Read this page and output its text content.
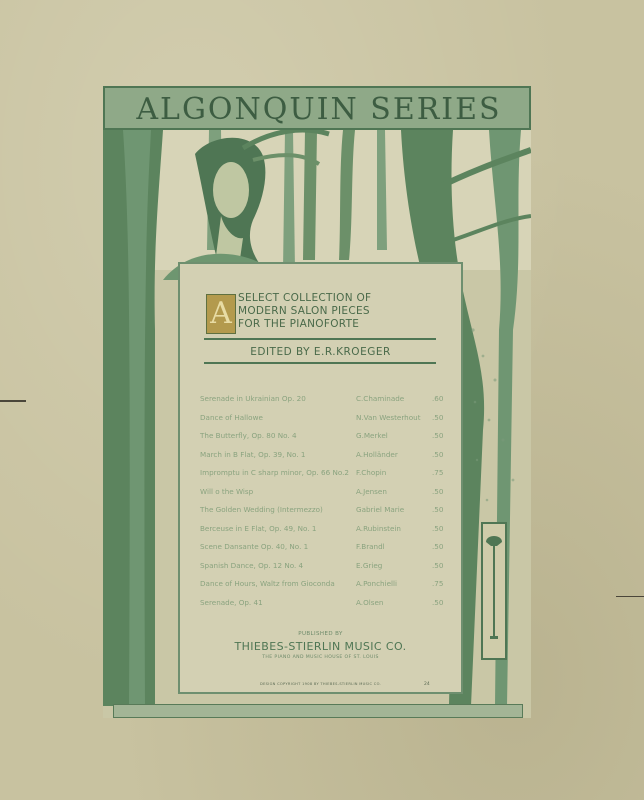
ALGONQUIN SERIES
A SELECT COLLECTION OF
MODERN SALON PIECES
FOR THE PIANOFORTE
EDITED BY E.R.KROEGER
Serenade in Ukrainian Op. 20	C.Chaminade	.60
Dance of Hallowe	N.Van Westerhout .50
The Butterfly, Op. 80 No. 4	G.Merkel	.50
March in B Flat, Op. 39, No. 1	A.Holländer	.50
Impromptu in C sharp minor, Op. 66 No.2 F.Chopin	.75
Will o the Wisp	A.Jensen	.50
The Golden Wedding (Intermezzo)	Gabriel Marie	.50
Berceuse in E Flat, Op. 49, No. 1	A.Rubinstein	.50
Scene Dansante Op. 40, No. 1	F.Brandl	.50
Spanish Dance, Op. 12 No. 4	E.Grieg	.50
Dance of Hours, Waltz from Gioconda	A.Ponchielli	.75
Serenade, Op. 41	A.Olsen	.50
PUBLISHED BY
THIEBES-STIERLIN MUSIC CO.
THE PIANO AND MUSIC HOUSE OF ST. LOUIS
DESIGN COPYRIGHT 1908 BY THIEBES-STIERLIN MUSIC CO.	24
